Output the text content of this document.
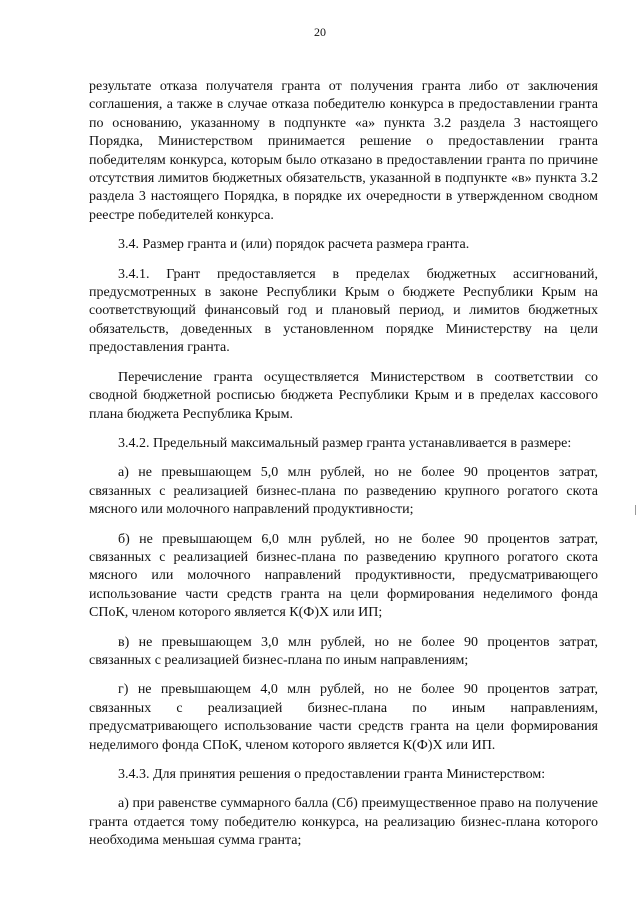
20

результате отказа получателя гранта от получения гранта либо от заключения соглашения, а также в случае отказа победителю конкурса в предоставлении гранта по основанию, указанному в подпункте «а» пункта 3.2 раздела 3 настоящего Порядка, Министерством принимается решение о предоставлении гранта победителям конкурса, которым было отказано в предоставлении гранта по причине отсутствия лимитов бюджетных обязательств, указанной в подпункте «в» пункта 3.2 раздела 3 настоящего Порядка, в порядке их очередности в утвержденном сводном реестре победителей конкурса.

3.4. Размер гранта и (или) порядок расчета размера гранта.

3.4.1. Грант предоставляется в пределах бюджетных ассигнований, предусмотренных в законе Республики Крым о бюджете Республики Крым на соответствующий финансовый год и плановый период, и лимитов бюджетных обязательств, доведенных в установленном порядке Министерству на цели предоставления гранта.

Перечисление гранта осуществляется Министерством в соответствии со сводной бюджетной росписью бюджета Республики Крым и в пределах кассового плана бюджета Республика Крым.

3.4.2. Предельный максимальный размер гранта устанавливается в размере:

а) не превышающем 5,0 млн рублей, но не более 90 процентов затрат, связанных с реализацией бизнес-плана по разведению крупного рогатого скота мясного или молочного направлений продуктивности;

б) не превышающем 6,0 млн рублей, но не более 90 процентов затрат, связанных с реализацией бизнес-плана по разведению крупного рогатого скота мясного или молочного направлений продуктивности, предусматривающего использование части средств гранта на цели формирования неделимого фонда СПоК, членом которого является К(Ф)Х или ИП;

в) не превышающем 3,0 млн рублей, но не более 90 процентов затрат, связанных с реализацией бизнес-плана по иным направлениям;

г) не превышающем 4,0 млн рублей, но не более 90 процентов затрат, связанных с реализацией бизнес-плана по иным направлениям, предусматривающего использование части средств гранта на цели формирования неделимого фонда СПоК, членом которого является К(Ф)Х или ИП.

3.4.3. Для принятия решения о предоставлении гранта Министерством:

а) при равенстве суммарного балла (Сб) преимущественное право на получение гранта отдается тому победителю конкурса, на реализацию бизнес-плана которого необходима меньшая сумма гранта;
